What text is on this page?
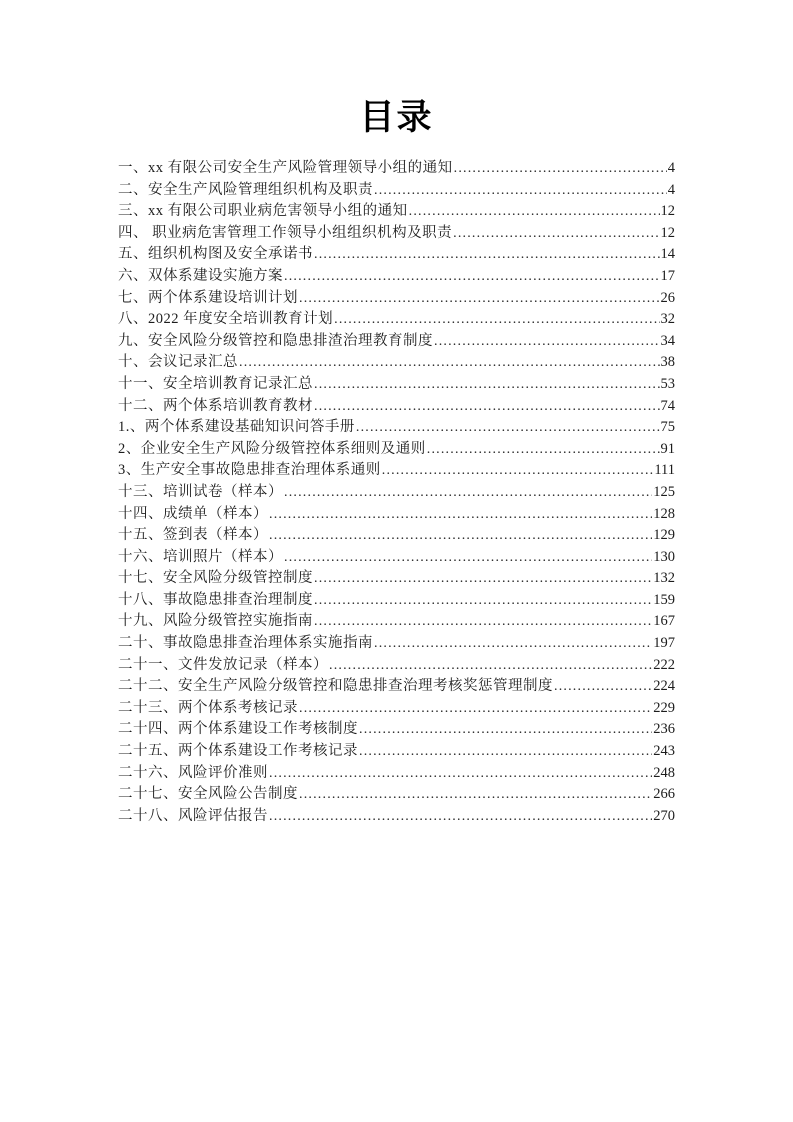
目录
一、xx 有限公司安全生产风险管理领导小组的通知 .....	4
二、安全生产风险管理组织机构及职责 .....	4
三、xx 有限公司职业病危害领导小组的通知 .....	12
四、 职业病危害管理工作领导小组组织机构及职责 .....	12
五、组织机构图及安全承诺书 .....	14
六、双体系建设实施方案 .....	17
七、两个体系建设培训计划 .....	26
八、2022 年度安全培训教育计划 .....	32
九、安全风险分级管控和隐患排渣治理教育制度 .....	34
十、会议记录汇总 .....	38
十一、安全培训教育记录汇总 .....	53
十二、两个体系培训教育教材 .....	74
1.、两个体系建设基础知识问答手册 .....	75
2、企业安全生产风险分级管控体系细则及通则 .....	91
3、生产安全事故隐患排查治理体系通则 .....	111
十三、培训试卷（样本） .....	125
十四、成绩单（样本） .....	128
十五、签到表（样本） .....	129
十六、培训照片（样本） .....	130
十七、安全风险分级管控制度 .....	132
十八、事故隐患排查治理制度 .....	159
十九、风险分级管控实施指南 .....	167
二十、事故隐患排查治理体系实施指南 .....	197
二十一、文件发放记录（样本） .....	222
二十二、安全生产风险分级管控和隐患排查治理考核奖惩管理制度 .....	224
二十三、两个体系考核记录 .....	229
二十四、两个体系建设工作考核制度 .....	236
二十五、两个体系建设工作考核记录 .....	243
二十六、风险评价准则 .....	248
二十七、安全风险公告制度 .....	266
二十八、风险评估报告 .....	270
